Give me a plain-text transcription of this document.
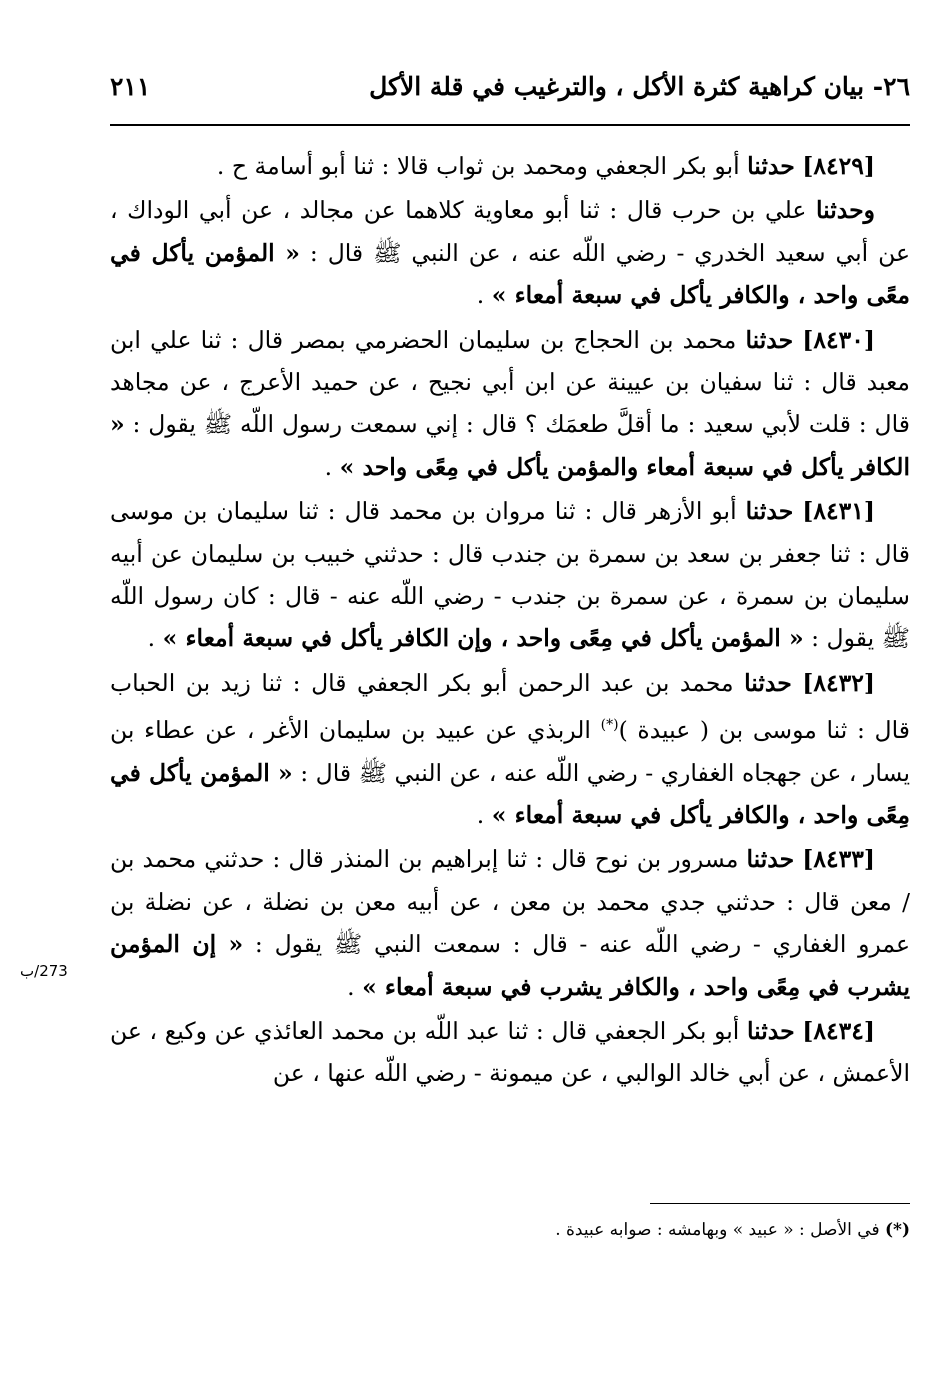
٢٦- بيان كراهية كثرة الأكل ، والترغيب في قلة الأكل
٢١١

[٨٤٢٩] حدثنا أبو بكر الجعفي ومحمد بن ثواب قالا : ثنا أبو أسامة ح .

وحدثنا علي بن حرب قال : ثنا أبو معاوية كلاهما عن مجالد ، عن أبي الوداك ، عن أبي سعيد الخدري - رضي اللّه عنه ، عن النبي ﷺ قال : « المؤمن يأكل في معًى واحد ، والكافر يأكل في سبعة أمعاء » .

[٨٤٣٠] حدثنا محمد بن الحجاج بن سليمان الحضرمي بمصر قال : ثنا علي ابن معبد قال : ثنا سفيان بن عيينة عن ابن أبي نجيح ، عن حميد الأعرج ، عن مجاهد قال : قلت لأبي سعيد : ما أقلَّ طعمَك ؟ قال : إني سمعت رسول اللّه ﷺ يقول : « الكافر يأكل في سبعة أمعاء والمؤمن يأكل في مِعًى واحد » .

[٨٤٣١] حدثنا أبو الأزهر قال : ثنا مروان بن محمد قال : ثنا سليمان بن موسى قال : ثنا جعفر بن سعد بن سمرة بن جندب قال : حدثني خبيب بن سليمان عن أبيه سليمان بن سمرة ، عن سمرة بن جندب - رضي اللّه عنه - قال : كان رسول اللّه ﷺ يقول : « المؤمن يأكل في مِعًى واحد ، وإن الكافر يأكل في سبعة أمعاء » .

[٨٤٣٢] حدثنا محمد بن عبد الرحمن أبو بكر الجعفي قال : ثنا زيد بن الحباب قال : ثنا موسى بن ( عبيدة )(*) الربذي عن عبيد بن سليمان الأغر ، عن عطاء بن يسار ، عن جهجاه الغفاري - رضي اللّه عنه ، عن النبي ﷺ قال : « المؤمن يأكل في مِعًى واحد ، والكافر يأكل في سبعة أمعاء » .

[٨٤٣٣] حدثنا مسرور بن نوح قال : ثنا إبراهيم بن المنذر قال : حدثني محمد بن / معن قال : حدثني جدي محمد بن معن ، عن أبيه معن بن نضلة ، عن نضلة بن عمرو الغفاري - رضي اللّه عنه - قال : سمعت النبي ﷺ يقول : « إن المؤمن يشرب في مِعًى واحد ، والكافر يشرب في سبعة أمعاء » .

[٨٤٣٤] حدثنا أبو بكر الجعفي قال : ثنا عبد اللّه بن محمد العائذي عن وكيع ، عن الأعمش ، عن أبي خالد الوالبي ، عن ميمونة - رضي اللّه عنها ، عن

273/ب
(*) في الأصل : « عبيد » وبهامشه : صوابه عبيدة .
